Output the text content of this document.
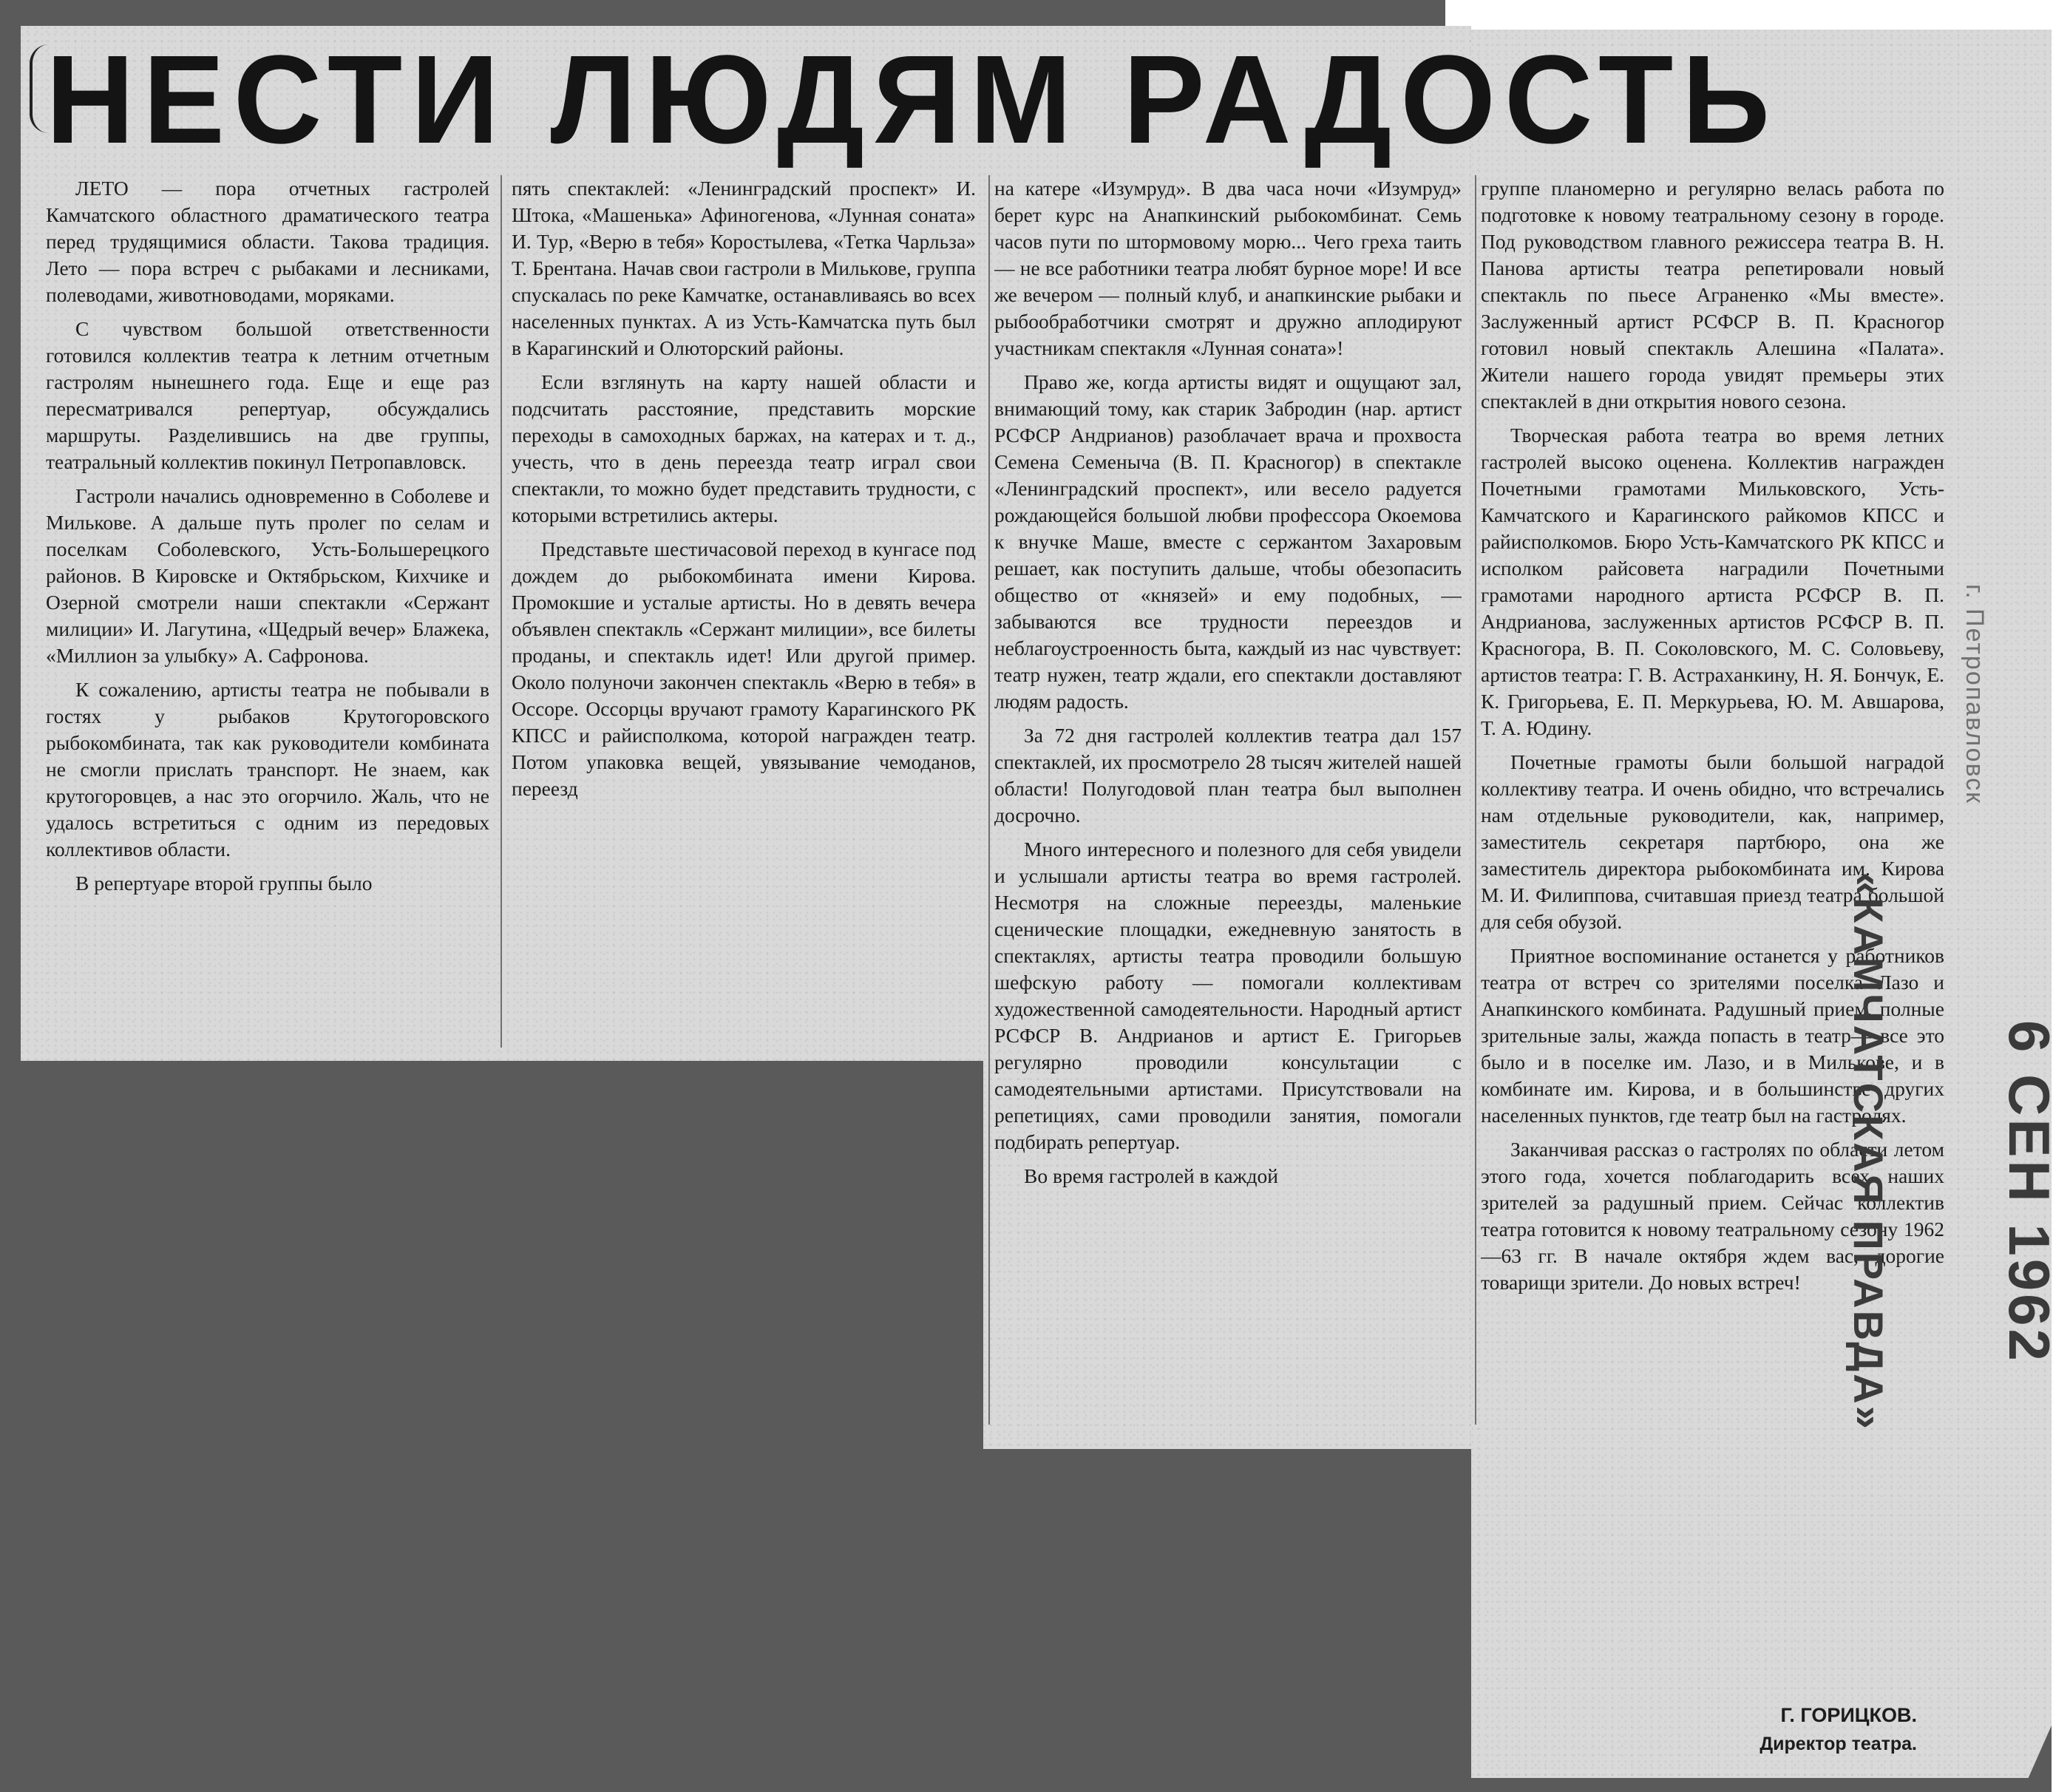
НЕСТИ ЛЮДЯМ РАДОСТЬ

ЛЕТО — пора отчетных гастролей Камчатского областного драматического театра перед трудящимися области. Такова традиция. Лето — пора встреч с рыбаками и лесниками, полеводами, животноводами, моряками.

С чувством большой ответственности готовился коллектив театра к летним отчетным гастролям нынешнего года. Еще и еще раз пересматривался репертуар, обсуждались маршруты. Разделившись на две группы, театральный коллектив покинул Петропавловск.

Гастроли начались одновременно в Соболеве и Милькове. А дальше путь пролег по селам и поселкам Соболевского, Усть-Большерецкого районов. В Кировске и Октябрьском, Кихчике и Озерной смотрели наши спектакли «Сержант милиции» И. Лагутина, «Щедрый вечер» Блажека, «Миллион за улыбку» А. Сафронова.

К сожалению, артисты театра не побывали в гостях у рыбаков Крутогоровского рыбокомбината, так как руководители комбината не смогли прислать транспорт. Не знаем, как крутогоровцев, а нас это огорчило. Жаль, что не удалось встретиться с одним из передовых коллективов области.

В репертуаре второй группы было

пять спектаклей: «Ленинградский проспект» И. Штока, «Машенька» Афиногенова, «Лунная соната» И. Тур, «Верю в тебя» Коростылева, «Тетка Чарльза» Т. Брентана. Начав свои гастроли в Милькове, группа спускалась по реке Камчатке, останавливаясь во всех населенных пунктах. А из Усть-Камчатска путь был в Карагинский и Олюторский районы.

Если взглянуть на карту нашей области и подсчитать расстояние, представить морские переходы в самоходных баржах, на катерах и т. д., учесть, что в день переезда театр играл свои спектакли, то можно будет представить трудности, с которыми встретились актеры.

Представьте шестичасовой переход в кунгасе под дождем до рыбокомбината имени Кирова. Промокшие и усталые артисты. Но в девять вечера объявлен спектакль «Сержант милиции», все билеты проданы, и спектакль идет! Или другой пример. Около полуночи закончен спектакль «Верю в тебя» в Оссоре. Оссорцы вручают грамоту Карагинского РК КПСС и райисполкома, которой награжден театр. Потом упаковка вещей, увязывание чемоданов, переезд

на катере «Изумруд». В два часа ночи «Изумруд» берет курс на Анапкинский рыбокомбинат. Семь часов пути по штормовому морю... Чего греха таить — не все работники театра любят бурное море! И все же вечером — полный клуб, и анапкинские рыбаки и рыбообработчики смотрят и дружно аплодируют участникам спектакля «Лунная соната»!

Право же, когда артисты видят и ощущают зал, внимающий тому, как старик Забродин (нар. артист РСФСР Андрианов) разоблачает врача и прохвоста Семена Семеныча (В. П. Красногор) в спектакле «Ленинградский проспект», или весело радуется рождающейся большой любви профессора Окоемова к внучке Маше, вместе с сержантом Захаровым решает, как поступить дальше, чтобы обезопасить общество от «князей» и ему подобных, — забываются все трудности переездов и неблагоустроенность быта, каждый из нас чувствует: театр нужен, театр ждали, его спектакли доставляют людям радость.

За 72 дня гастролей коллектив театра дал 157 спектаклей, их просмотрело 28 тысяч жителей нашей области! Полугодовой план театра был выполнен досрочно.

Много интересного и полезного для себя увидели и услышали артисты театра во время гастролей. Несмотря на сложные переезды, маленькие сценические площадки, ежедневную занятость в спектаклях, артисты театра проводили большую шефскую работу — помогали коллективам художественной самодеятельности. Народный артист РСФСР В. Андрианов и артист Е. Григорьев регулярно проводили консультации с самодеятельными артистами. Присутствовали на репетициях, сами проводили занятия, помогали подбирать репертуар.

Во время гастролей в каждой

группе планомерно и регулярно велась работа по подготовке к новому театральному сезону в городе. Под руководством главного режиссера театра В. Н. Панова артисты театра репетировали новый спектакль по пьесе Аграненко «Мы вместе». Заслуженный артист РСФСР В. П. Красногор готовил новый спектакль Алешина «Палата». Жители нашего города увидят премьеры этих спектаклей в дни открытия нового сезона.

Творческая работа театра во время летних гастролей высоко оценена. Коллектив награжден Почетными грамотами Мильковского, Усть-Камчатского и Карагинского райкомов КПСС и райисполкомов. Бюро Усть-Камчатского РК КПСС и исполком райсовета наградили Почетными грамотами народного артиста РСФСР В. П. Андрианова, заслуженных артистов РСФСР В. П. Красногора, В. П. Соколовского, М. С. Соловьеву, артистов театра: Г. В. Астраханкину, Н. Я. Бончук, Е. К. Григорьева, Е. П. Меркурьева, Ю. М. Авшарова, Т. А. Юдину.

Почетные грамоты были большой наградой коллективу театра. И очень обидно, что встречались нам отдельные руководители, как, например, заместитель секретаря партбюро, она же заместитель директора рыбокомбината им. Кирова М. И. Филиппова, считавшая приезд театра большой для себя обузой.

Приятное воспоминание останется у работников театра от встреч со зрителями поселка Лазо и Анапкинского комбината. Радушный прием, полные зрительные залы, жажда попасть в театр— все это было и в поселке им. Лазо, и в Милькове, и в комбинате им. Кирова, и в большинстве других населенных пунктов, где театр был на гастролях.

Заканчивая рассказ о гастролях по области летом этого года, хочется поблагодарить всех наших зрителей за радушный прием. Сейчас коллектив театра готовится к новому театральному сезону 1962—63 гг. В начале октября ждем вас, дорогие товарищи зрители. До новых встреч!

Г. ГОРИЦКОВ.
Директор театра.
«КАМЧАТСКАЯ ПРАВДА»
г. Петропавловск
6 СЕН 1962
